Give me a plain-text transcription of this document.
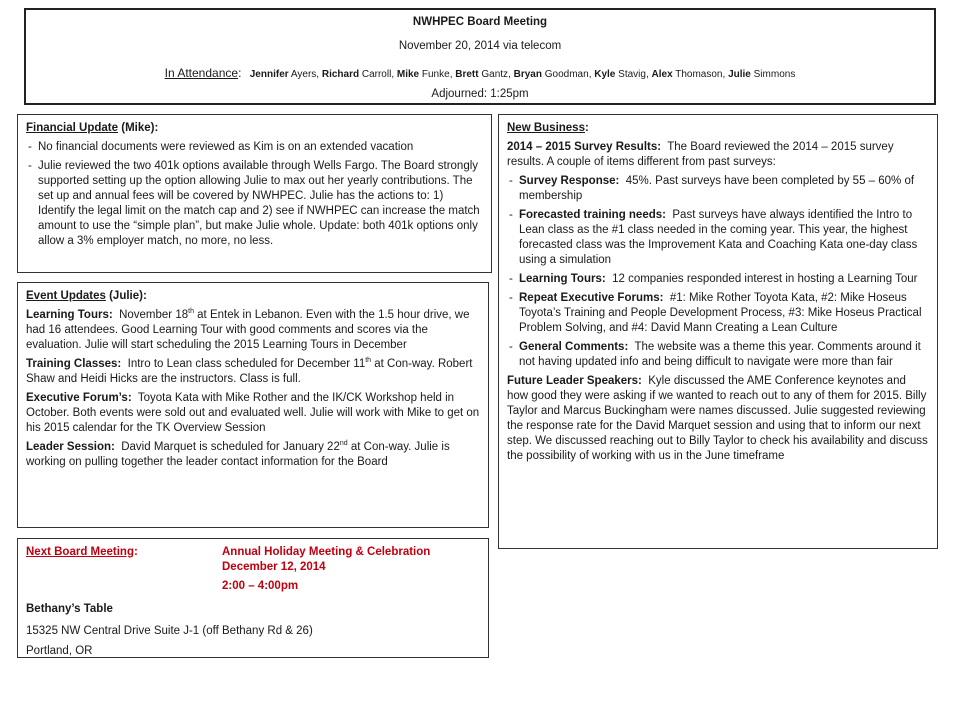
NWHPEC Board Meeting

November 20, 2014 via telecom

In Attendance: Jennifer Ayers, Richard Carroll, Mike Funke, Brett Gantz, Bryan Goodman, Kyle Stavig, Alex Thomason, Julie Simmons

Adjourned: 1:25pm

Financial Update (Mike):

- No financial documents were reviewed as Kim is on an extended vacation
- Julie reviewed the two 401k options available through Wells Fargo. The Board strongly supported setting up the option allowing Julie to max out her yearly contributions. The set up and annual fees will be covered by NWHPEC. Julie has the actions to: 1) Identify the legal limit on the match cap and 2) see if NWHPEC can increase the match amount to use the “simple plan”, but make Julie whole. Update: both 401k options only allow a 3% employer match, no more, no less.

Event Updates (Julie):

Learning Tours: November 18th at Entek in Lebanon. Even with the 1.5 hour drive, we had 16 attendees. Good Learning Tour with good comments and scores via the evaluation. Julie will start scheduling the 2015 Learning Tours in December

Training Classes: Intro to Lean class scheduled for December 11th at Con-way. Robert Shaw and Heidi Hicks are the instructors. Class is full.

Executive Forum’s: Toyota Kata with Mike Rother and the IK/CK Workshop held in October. Both events were sold out and evaluated well. Julie will work with Mike to get on his 2015 calendar for the TK Overview Session

Leader Session: David Marquet is scheduled for January 22nd at Con-way. Julie is working on pulling together the leader contact information for the Board

Next Board Meeting:	Annual Holiday Meeting & Celebration
December 12, 2014
2:00 – 4:00pm

Bethany’s Table

15325 NW Central Drive Suite J-1 (off Bethany Rd & 26)

Portland, OR

New Business:

2014 – 2015 Survey Results: The Board reviewed the 2014 – 2015 survey results. A couple of items different from past surveys:

- Survey Response: 45%. Past surveys have been completed by 55 – 60% of membership
- Forecasted training needs: Past surveys have always identified the Intro to Lean class as the #1 class needed in the coming year. This year, the highest forecasted class was the Improvement Kata and Coaching Kata one-day class using a simulation
- Learning Tours: 12 companies responded interest in hosting a Learning Tour
- Repeat Executive Forums: #1: Mike Rother Toyota Kata, #2: Mike Hoseus Toyota’s Training and People Development Process, #3: Mike Hoseus Practical Problem Solving, and #4: David Mann Creating a Lean Culture
- General Comments: The website was a theme this year. Comments around it not having updated info and being difficult to navigate were more than fair

Future Leader Speakers: Kyle discussed the AME Conference keynotes and how good they were asking if we wanted to reach out to any of them for 2015. Billy Taylor and Marcus Buckingham were names discussed. Julie suggested reviewing the response rate for the David Marquet session and using that to inform our next step. We discussed reaching out to Billy Taylor to check his availability and discuss the possibility of working with us in the June timeframe
